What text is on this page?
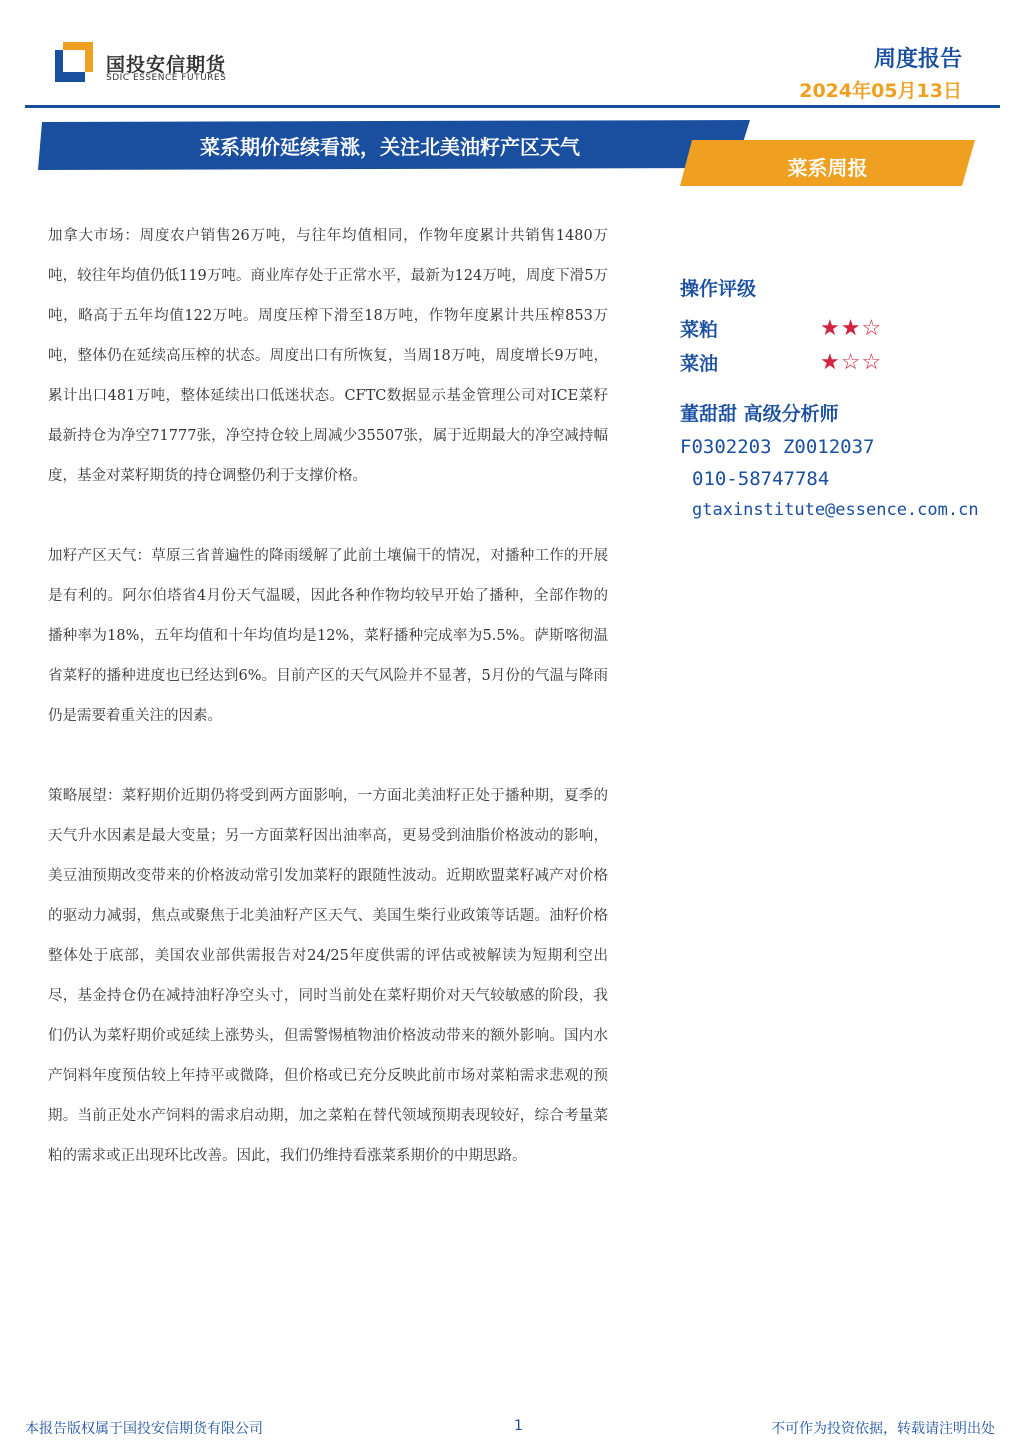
国投安信期货
SDIC ESSENCE FUTURES
周度报告
2024年05月13日
菜系期价延续看涨，关注北美油籽产区天气
菜系周报

加拿大市场：周度农户销售26万吨，与往年均值相同，作物年度累计共销售1480万吨，较往年均值仍低119万吨。商业库存处于正常水平，最新为124万吨，周度下滑5万吨，略高于五年均值122万吨。周度压榨下滑至18万吨，作物年度累计共压榨853万吨，整体仍在延续高压榨的状态。周度出口有所恢复，当周18万吨，周度增长9万吨，累计出口481万吨，整体延续出口低迷状态。CFTC数据显示基金管理公司对ICE菜籽最新持仓为净空71777张，净空持仓较上周减少35507张，属于近期最大的净空减持幅度，基金对菜籽期货的持仓调整仍利于支撑价格。

加籽产区天气：草原三省普遍性的降雨缓解了此前土壤偏干的情况，对播种工作的开展是有利的。阿尔伯塔省4月份天气温暖，因此各种作物均较早开始了播种，全部作物的播种率为18%，五年均值和十年均值均是12%，菜籽播种完成率为5.5%。萨斯喀彻温省菜籽的播种进度也已经达到6%。目前产区的天气风险并不显著，5月份的气温与降雨仍是需要着重关注的因素。

策略展望：菜籽期价近期仍将受到两方面影响，一方面北美油籽正处于播种期，夏季的天气升水因素是最大变量；另一方面菜籽因出油率高，更易受到油脂价格波动的影响，美豆油预期改变带来的价格波动常引发加菜籽的跟随性波动。近期欧盟菜籽减产对价格的驱动力减弱，焦点或聚焦于北美油籽产区天气、美国生柴行业政策等话题。油籽价格整体处于底部，美国农业部供需报告对24/25年度供需的评估或被解读为短期利空出尽，基金持仓仍在减持油籽净空头寸，同时当前处在菜籽期价对天气较敏感的阶段，我们仍认为菜籽期价或延续上涨势头，但需警惕植物油价格波动带来的额外影响。国内水产饲料年度预估较上年持平或微降，但价格或已充分反映此前市场对菜粕需求悲观的预期。当前正处水产饲料的需求启动期，加之菜粕在替代领域预期表现较好，综合考量菜粕的需求或正出现环比改善。因此，我们仍维持看涨菜系期价的中期思路。

操作评级
菜粕	★★☆
菜油	★☆☆
董甜甜 高级分析师
F0302203 Z0012037
010-58747784
gtaxinstitute@essence.com.cn
本报告版权属于国投安信期货有限公司	1	不可作为投资依据，转载请注明出处
